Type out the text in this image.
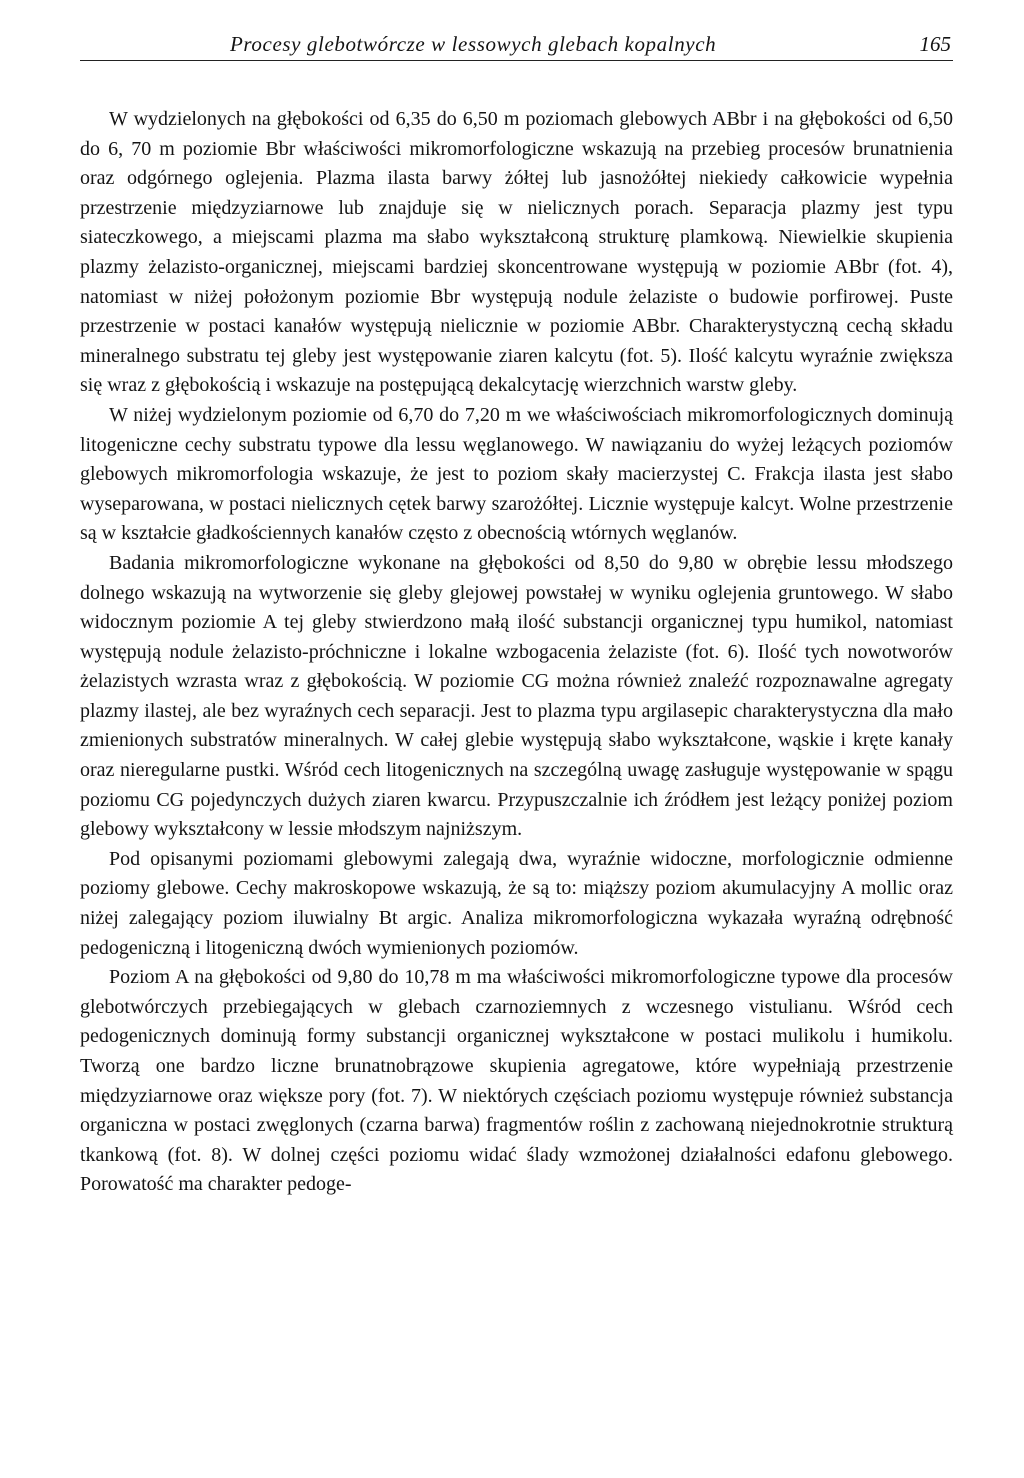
Procesy glebotwórcze w lessowych glebach kopalnych	165

W wydzielonych na głębokości od 6,35 do 6,50 m poziomach glebowych ABbr i na głębokości od 6,50 do 6, 70 m poziomie Bbr właściwości mikromorfologiczne wskazują na przebieg procesów brunatnienia oraz odgórnego oglejenia. Plazma ilasta barwy żółtej lub jasnożółtej niekiedy całkowicie wypełnia przestrzenie międzyziarnowe lub znajduje się w nielicznych porach. Separacja plazmy jest typu siateczkowego, a miejscami plazma ma słabo wykształconą strukturę plamkową. Niewielkie skupienia plazmy żelazisto-organicznej, miejscami bardziej skoncentrowane występują w poziomie ABbr (fot. 4), natomiast w niżej położonym poziomie Bbr występują nodule żelaziste o budowie porfirowej. Puste przestrzenie w postaci kanałów występują nielicznie w poziomie ABbr. Charakterystyczną cechą składu mineralnego substratu tej gleby jest występowanie ziaren kalcytu (fot. 5). Ilość kalcytu wyraźnie zwiększa się wraz z głębokością i wskazuje na postępującą dekalcytację wierzchnich warstw gleby.

W niżej wydzielonym poziomie od 6,70 do 7,20 m we właściwościach mikromorfologicznych dominują litogeniczne cechy substratu typowe dla lessu węglanowego. W nawiązaniu do wyżej leżących poziomów glebowych mikromorfologia wskazuje, że jest to poziom skały macierzystej C. Frakcja ilasta jest słabo wyseparowana, w postaci nielicznych cętek barwy szarożółtej. Licznie występuje kalcyt. Wolne przestrzenie są w kształcie gładkościennych kanałów często z obecnością wtórnych węglanów.

Badania mikromorfologiczne wykonane na głębokości od 8,50 do 9,80 w obrębie lessu młodszego dolnego wskazują na wytworzenie się gleby glejowej powstałej w wyniku oglejenia gruntowego. W słabo widocznym poziomie A tej gleby stwierdzono małą ilość substancji organicznej typu humikol, natomiast występują nodule żelazisto-próchniczne i lokalne wzbogacenia żelaziste (fot. 6). Ilość tych nowotworów żelazistych wzrasta wraz z głębokością. W poziomie CG można również znaleźć rozpoznawalne agregaty plazmy ilastej, ale bez wyraźnych cech separacji. Jest to plazma typu argilasepic charakterystyczna dla mało zmienionych substratów mineralnych. W całej glebie występują słabo wykształcone, wąskie i kręte kanały oraz nieregularne pustki. Wśród cech litogenicznych na szczególną uwagę zasługuje występowanie w spągu poziomu CG pojedynczych dużych ziaren kwarcu. Przypuszczalnie ich źródłem jest leżący poniżej poziom glebowy wykształcony w lessie młodszym najniższym.

Pod opisanymi poziomami glebowymi zalegają dwa, wyraźnie widoczne, morfologicznie odmienne poziomy glebowe. Cechy makroskopowe wskazują, że są to: miąższy poziom akumulacyjny A mollic oraz niżej zalegający poziom iluwialny Bt argic. Analiza mikromorfologiczna wykazała wyraźną odrębność pedogeniczną i litogeniczną dwóch wymienionych poziomów.

Poziom A na głębokości od 9,80 do 10,78 m ma właściwości mikromorfologiczne typowe dla procesów glebotwórczych przebiegających w glebach czarnoziemnych z wczesnego vistulianu. Wśród cech pedogenicznych dominują formy substancji organicznej wykształcone w postaci mulikolu i humikolu. Tworzą one bardzo liczne brunatnobrązowe skupienia agregatowe, które wypełniają przestrzenie międzyziarnowe oraz większe pory (fot. 7). W niektórych częściach poziomu występuje również substancja organiczna w postaci zwęglonych (czarna barwa) fragmentów roślin z zachowaną niejednokrotnie strukturą tkankową (fot. 8). W dolnej części poziomu widać ślady wzmożonej działalności edafonu glebowego. Porowatość ma charakter pedoge-
